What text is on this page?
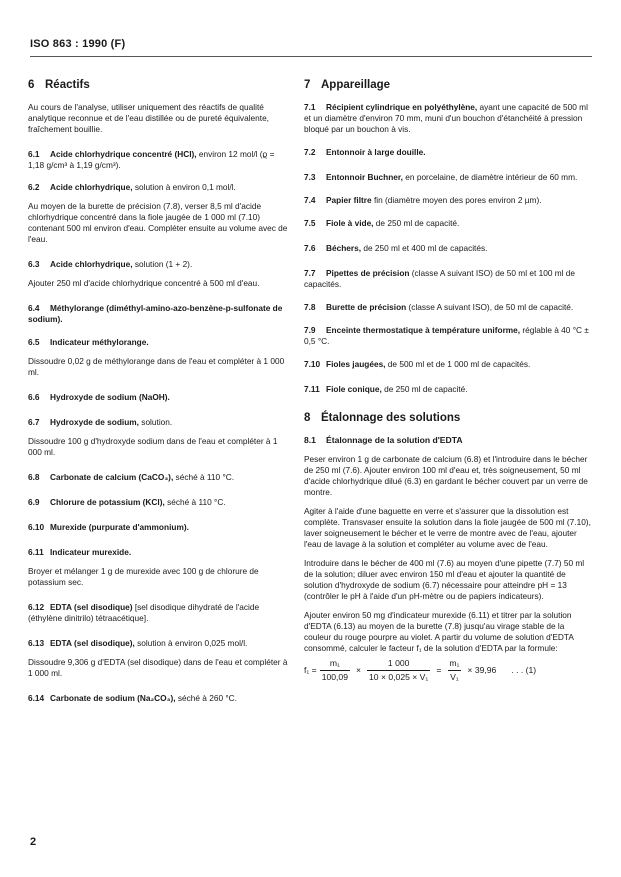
ISO 863 : 1990 (F)
6 Réactifs

Au cours de l'analyse, utiliser uniquement des réactifs de qualité analytique reconnue et de l'eau distillée ou de pureté équivalente, fraîchement bouillie.

6.1 Acide chlorhydrique concentré (HCl), environ 12 mol/l (ϱ = 1,18 g/cm³ à 1,19 g/cm³).
6.2 Acide chlorhydrique, solution à environ 0,1 mol/l.

Au moyen de la burette de précision (7.8), verser 8,5 ml d'acide chlorhydrique concentré dans la fiole jaugée de 1 000 ml (7.10) contenant 500 ml environ d'eau. Compléter ensuite au volume avec de l'eau.

6.3 Acide chlorhydrique, solution (1 + 2).

Ajouter 250 ml d'acide chlorhydrique concentré à 500 ml d'eau.

6.4 Méthylorange (diméthyl-amino-azo-benzène-p-sulfonate de sodium).
6.5 Indicateur méthylorange.

Dissoudre 0,02 g de méthylorange dans de l'eau et compléter à 1 000 ml.

6.6 Hydroxyde de sodium (NaOH).
6.7 Hydroxyde de sodium, solution.

Dissoudre 100 g d'hydroxyde sodium dans de l'eau et compléter à 1 000 ml.

6.8 Carbonate de calcium (CaCO₃), séché à 110 °C.
6.9 Chlorure de potassium (KCl), séché à 110 °C.
6.10 Murexide (purpurate d'ammonium).
6.11 Indicateur murexide.

Broyer et mélanger 1 g de murexide avec 100 g de chlorure de potassium sec.

6.12 EDTA (sel disodique) [sel disodique dihydraté de l'acide (éthylène dinitrilo) tétraacétique].
6.13 EDTA (sel disodique), solution à environ 0,025 mol/l.

Dissoudre 9,306 g d'EDTA (sel disodique) dans de l'eau et compléter à 1 000 ml.

6.14 Carbonate de sodium (Na₂CO₃), séché à 260 °C.
7 Appareillage
7.1 Récipient cylindrique en polyéthylène, ayant une capacité de 500 ml et un diamètre d'environ 70 mm, muni d'un bouchon d'étanchéité à pression bloqué par un bouchon à vis.
7.2 Entonnoir à large douille.
7.3 Entonnoir Buchner, en porcelaine, de diamètre intérieur de 60 mm.
7.4 Papier filtre fin (diamètre moyen des pores environ 2 µm).
7.5 Fiole à vide, de 250 ml de capacité.
7.6 Béchers, de 250 ml et 400 ml de capacités.
7.7 Pipettes de précision (classe A suivant ISO) de 50 ml et 100 ml de capacités.
7.8 Burette de précision (classe A suivant ISO), de 50 ml de capacité.
7.9 Enceinte thermostatique à température uniforme, réglable à 40 °C ± 0,5 °C.
7.10 Fioles jaugées, de 500 ml et de 1 000 ml de capacités.
7.11 Fiole conique, de 250 ml de capacité.
8 Étalonnage des solutions
8.1 Étalonnage de la solution d'EDTA

Peser environ 1 g de carbonate de calcium (6.8) et l'introduire dans le bécher de 250 ml (7.6). Ajouter environ 100 ml d'eau et, très soigneusement, 50 ml d'acide chlorhydrique dilué (6.3) en gardant le bécher couvert par un verre de montre.

Agiter à l'aide d'une baguette en verre et s'assurer que la dissolution est complète. Transvaser ensuite la solution dans la fiole jaugée de 500 ml (7.10), laver soigneusement le bécher et le verre de montre avec de l'eau, ajouter l'eau de lavage à la solution et compléter au volume avec de l'eau.

Introduire dans le bécher de 400 ml (7.6) au moyen d'une pipette (7.7) 50 ml de la solution; diluer avec environ 150 ml d'eau et ajouter la quantité de solution d'hydroxyde de sodium (6.7) nécessaire pour atteindre pH = 13 (contrôler le pH à l'aide d'un pH-mètre ou de papiers indicateurs).

Ajouter environ 50 mg d'indicateur murexide (6.11) et titrer par la solution d'EDTA (6.13) au moyen de la burette (7.8) jusqu'au virage stable de la couleur du rouge pourpre au violet. A partir du volume de solution d'EDTA consommé, calculer le facteur f₁ de la solution d'EDTA par la formule:

$f_1 = \frac{\text{m₁}}{100,09} \times \frac{1 000}{\text{10 × 0,025 × V₁}} = \frac{\text{m₁}}{\text{V₁}} \times 39,96$ . . . (1)
2
